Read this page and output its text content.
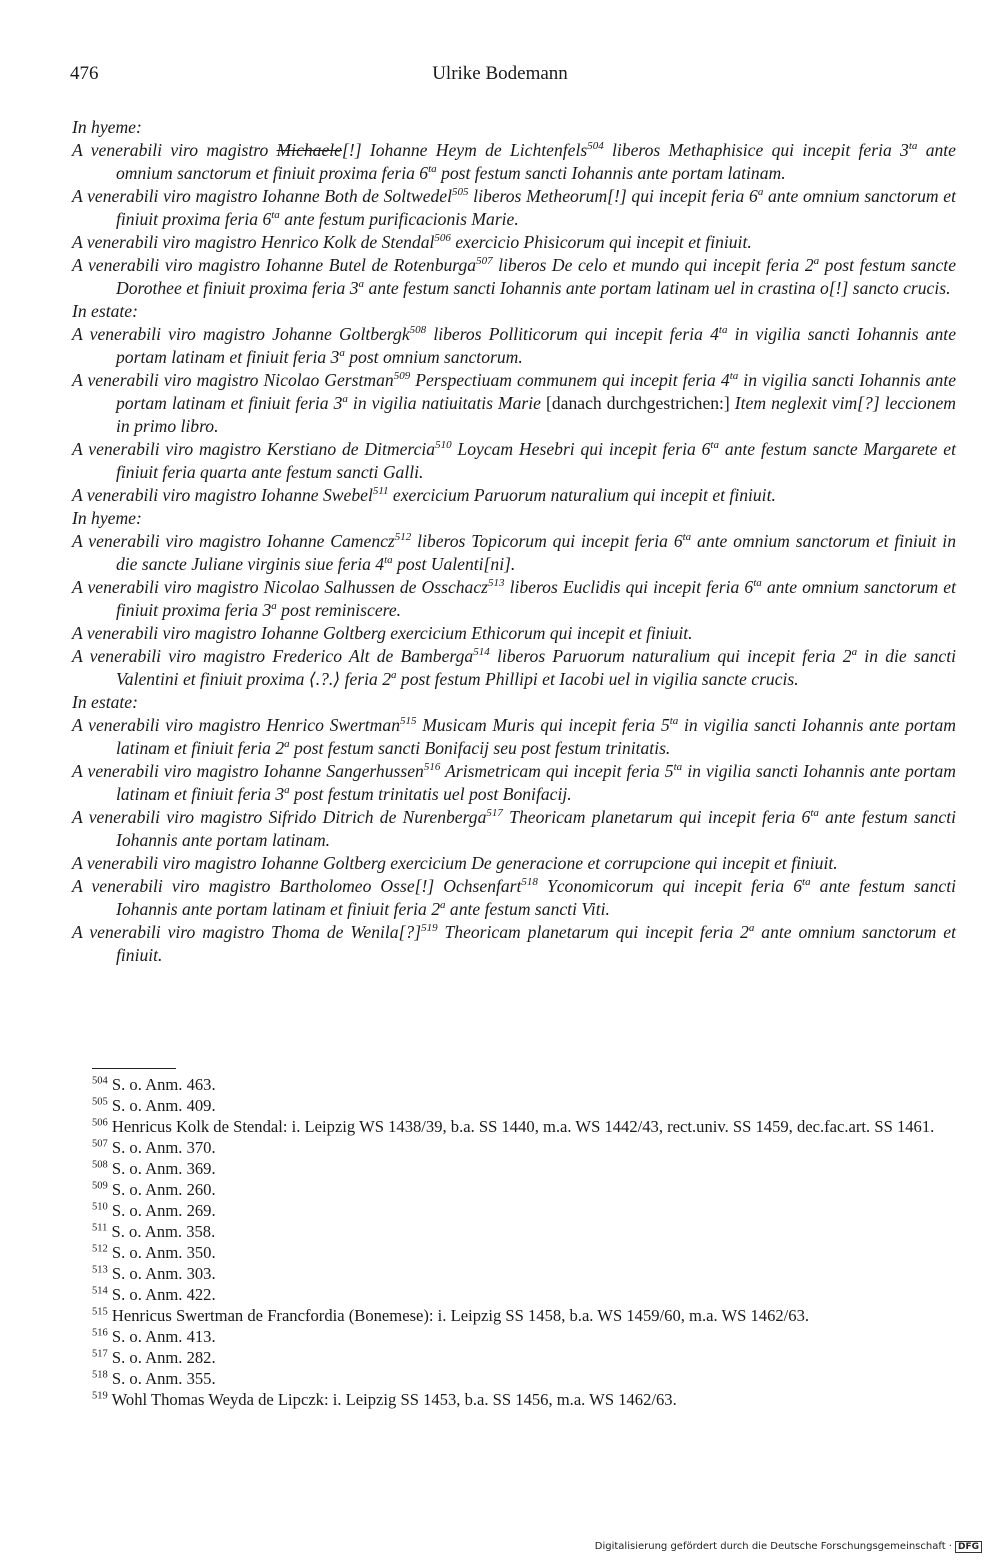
476	Ulrike Bodemann

In hyeme:

A venerabili viro magistro Michaele[!] Iohanne Heym de Lichtenfels$^{504}$ liberos Methaphisice qui incepit feria $3^{ta}$ ante omnium sanctorum et finiuit proxima feria $6^{ta}$ post festum sancti Iohannis ante portam latinam.

A venerabili viro magistro Iohanne Both de Soltwedel$^{505}$ liberos Metheorum[!] qui incepit feria 6$^a$ ante omnium sanctorum et finiuit proxima feria $6^{ta}$ ante festum purificacionis Marie.

A venerabili viro magistro Henrico Kolk de Stendal$^{506}$ exercicio Phisicorum qui incepit et finiuit.

A venerabili viro magistro Iohanne Butel de Rotenburga$^{507}$ liberos De celo et mundo qui incepit feria 2$^a$ post festum sancte Dorothee et finiuit proxima feria 3$^a$ ante festum sancti Iohannis ante portam latinam uel in crastina o[!] sancto crucis.

In estate:

A venerabili viro magistro Johanne Goltbergk$^{508}$ liberos Polliticorum qui incepit feria $4^{ta}$ in vigilia sancti Iohannis ante portam latinam et finiuit feria 3$^a$ post omnium sanctorum.

A venerabili viro magistro Nicolao Gerstman$^{509}$ Perspectiuam communem qui incepit feria $4^{ta}$ in vigilia sancti Iohannis ante portam latinam et finiuit feria 3$^a$ in vigilia natiuitatis Marie [danach durchgestrichen:] Item neglexit vim[?] leccionem in primo libro.

A venerabili viro magistro Kerstiano de Ditmercia$^{510}$ Loycam Hesebri qui incepit feria $6^{ta}$ ante festum sancte Margarete et finiuit feria quarta ante festum sancti Galli.

A venerabili viro magistro Iohanne Swebel$^{511}$ exercicium Paruorum naturalium qui incepit et finiuit.

In hyeme:

A venerabili viro magistro Iohanne Camencz$^{512}$ liberos Topicorum qui incepit feria $6^{ta}$ ante omnium sanctorum et finiuit in die sancte Juliane virginis siue feria $4^{ta}$ post Ualenti[ni].

A venerabili viro magistro Nicolao Salhussen de Osschacz$^{513}$ liberos Euclidis qui incepit feria $6^{ta}$ ante omnium sanctorum et finiuit proxima feria 3$^a$ post reminiscere.

A venerabili viro magistro Iohanne Goltberg exercicium Ethicorum qui incepit et finiuit.

A venerabili viro magistro Frederico Alt de Bamberga$^{514}$ liberos Paruorum naturalium qui incepit feria 2$^a$ in die sancti Valentini et finiuit proxima ⟨.?.⟩ feria 2$^a$ post festum Phillipi et Iacobi uel in vigilia sancte crucis.

In estate:

A venerabili viro magistro Henrico Swertman$^{515}$ Musicam Muris qui incepit feria $5^{ta}$ in vigilia sancti Iohannis ante portam latinam et finiuit feria 2$^a$ post festum sancti Bonifacij seu post festum trinitatis.

A venerabili viro magistro Iohanne Sangerhussen$^{516}$ Arismetricam qui incepit feria $5^{ta}$ in vigilia sancti Iohannis ante portam latinam et finiuit feria 3$^a$ post festum trinitatis uel post Bonifacij.

A venerabili viro magistro Sifrido Ditrich de Nurenberga$^{517}$ Theoricam planetarum qui incepit feria $6^{ta}$ ante festum sancti Iohannis ante portam latinam.

A venerabili viro magistro Iohanne Goltberg exercicium De generacione et corrupcione qui incepit et finiuit.

A venerabili viro magistro Bartholomeo Osse[!] Ochsenfart$^{518}$ Yconomicorum qui incepit feria $6^{ta}$ ante festum sancti Iohannis ante portam latinam et finiuit feria 2$^a$ ante festum sancti Viti.

A venerabili viro magistro Thoma de Wenila[?]$^{519}$ Theoricam planetarum qui incepit feria 2$^a$ ante omnium sanctorum et finiuit.

$^{504}$ S. o. Anm. 463.

$^{505}$ S. o. Anm. 409.

$^{506}$ Henricus Kolk de Stendal: i. Leipzig WS 1438/39, b.a. SS 1440, m.a. WS 1442/43, rect.univ. SS 1459, dec.fac.art. SS 1461.

$^{507}$ S. o. Anm. 370.

$^{508}$ S. o. Anm. 369.

$^{509}$ S. o. Anm. 260.

$^{510}$ S. o. Anm. 269.

$^{511}$ S. o. Anm. 358.

$^{512}$ S. o. Anm. 350.

$^{513}$ S. o. Anm. 303.

$^{514}$ S. o. Anm. 422.

$^{515}$ Henricus Swertman de Francfordia (Bonemese): i. Leipzig SS 1458, b.a. WS 1459/60, m.a. WS 1462/63.

$^{516}$ S. o. Anm. 413.

$^{517}$ S. o. Anm. 282.

$^{518}$ S. o. Anm. 355.

$^{519}$ Wohl Thomas Weyda de Lipczk: i. Leipzig SS 1453, b.a. SS 1456, m.a. WS 1462/63.

Digitalisierung gefördert durch die Deutsche Forschungsgemeinschaft · DFG
